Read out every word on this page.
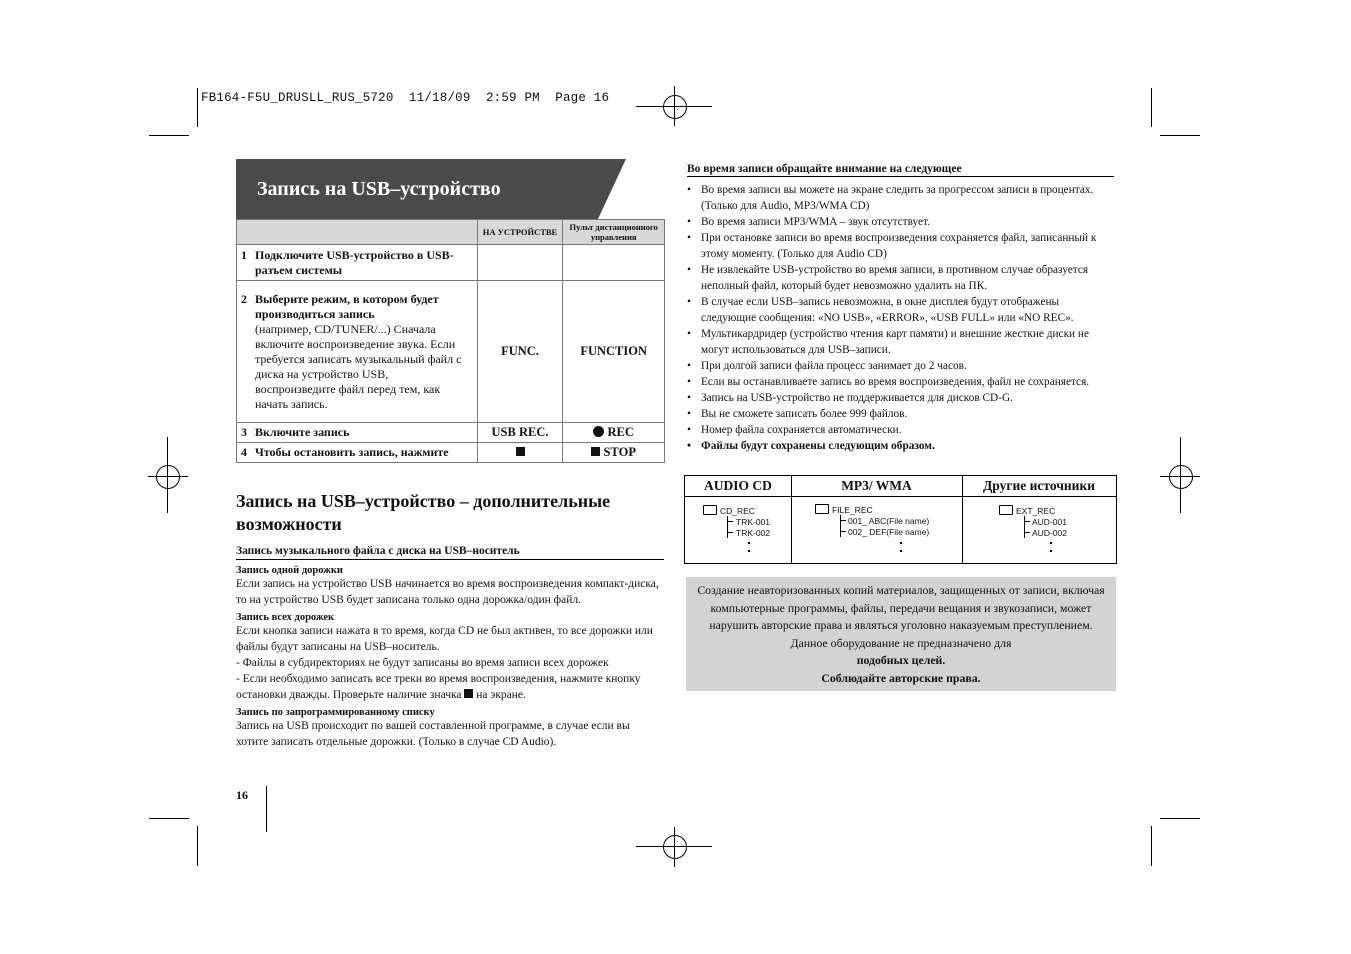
FB164-F5U_DRUSLL_RUS_5720  11/18/09  2:59 PM  Page 16
Запись на USB–устройство
	НА УСТРОЙСТВЕ	Пульт дистанционного управления
1 Подключите USB-устройство в USB-разъем системы		
2 Выберите режим, в котором будет производиться запись
(например, CD/TUNER/...) Сначала включите воспроизведение звука. Если требуется записать музыкальный файл с диска на устройство USB, воспроизведите файл перед тем, как начать запись.	FUNC.	FUNCTION
3 Включите запись	USB REC.	REC
4 Чтобы остановить запись, нажмите		STOP
Запись на USB–устройство – дополнительные возможности
Запись музыкального файла с диска на USB–носитель
Запись одной дорожки
Если запись на устройство USB начинается во время воспроизведения компакт-диска, то на устройство USB будет записана только одна дорожка/один файл.
Запись всех дорожек
Если кнопка записи нажата в то время, когда CD не был активен, то все дорожки или файлы будут записаны на USB–носитель.
- Файлы в субдиректориях не будут записаны во время записи всех дорожек
- Если необходимо записать все треки во время воспроизведения, нажмите кнопку остановки дважды. Проверьте наличие значка на экране.
Запись по запрограммированному списку
Запись на USB происходит по вашей составленной программе, в случае если вы хотите записать отдельные дорожки. (Только в случае CD Audio).
Во время записи обращайте внимание на следующее
• Во время записи вы можете на экране следить за прогрессом записи в процентах. (Только для Audio, MP3/WMA CD)
• Во время записи MP3/WMA – звук отсутствует.
• При остановке записи во время воспроизведения сохраняется файл, записанный к этому моменту. (Только для Audio CD)
• Не извлекайте USB-устройство во время записи, в противном случае образуется неполный файл, который будет невозможно удалить на ПК.
• В случае если USB–запись невозможна, в окне дисплея будут отображены следующие сообщения: «NO USB», «ERROR», «USB FULL» или «NO REC».
• Мультикардридер (устройство чтения карт памяти) и внешние жесткие диски не могут использоваться для USB–записи.
• При долгой записи файла процесс занимает до 2 часов.
• Если вы останавливаете запись во время воспроизведения, файл не сохраняется.
• Запись на USB-устройство не поддерживается для дисков CD-G.
• Вы не сможете записать более 999 файлов.
• Номер файла сохраняется автоматически.
• Файлы будут сохранены следующим образом.
AUDIO CD
CD_REC
TRK-001
TRK-002
MP3/ WMA
FILE_REC
001_ ABC(File name)
002_ DEF(File name)
Другие источники
EXT_REC
AUD-001
AUD-002
Создание неавторизованных копий материалов, защищенных от записи, включая компьютерные программы, файлы, передачи вещания и звукозаписи, может нарушить авторские права и являться уголовно наказуемым преступлением. Данное оборудование не предназначено для
подобных целей.
Соблюдайте авторские права.
16
